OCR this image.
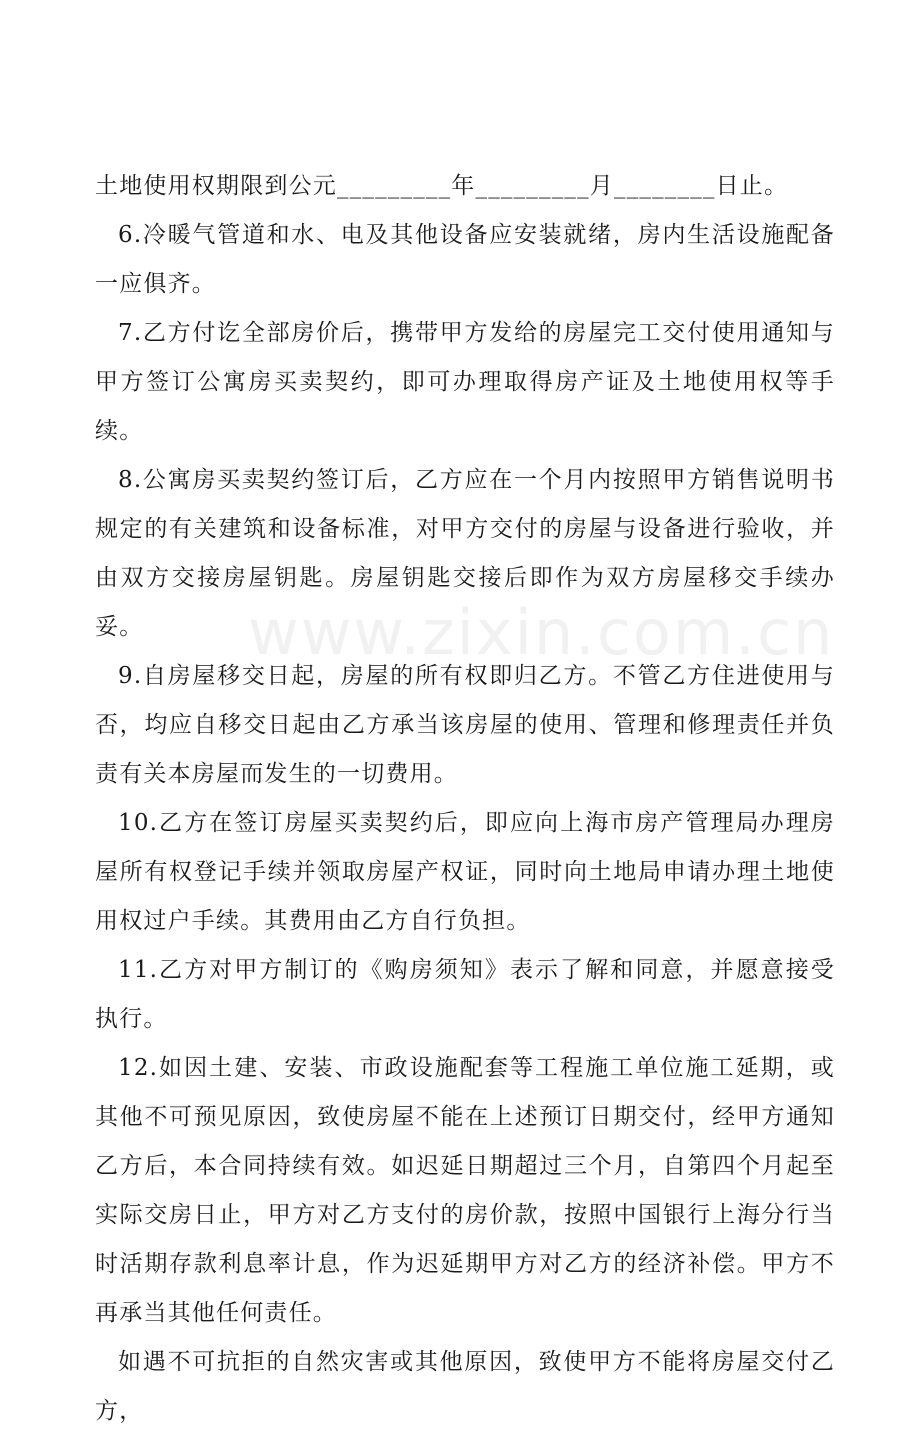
土地使用权期限到公元_________年_________月________日止。

6.冷暖气管道和水、电及其他设备应安装就绪，房内生活设施配备一应俱齐。

7.乙方付讫全部房价后，携带甲方发给的房屋完工交付使用通知与甲方签订公寓房买卖契约，即可办理取得房产证及土地使用权等手续。

8.公寓房买卖契约签订后，乙方应在一个月内按照甲方销售说明书规定的有关建筑和设备标准，对甲方交付的房屋与设备进行验收，并由双方交接房屋钥匙。房屋钥匙交接后即作为双方房屋移交手续办妥。

9.自房屋移交日起，房屋的所有权即归乙方。不管乙方住进使用与否，均应自移交日起由乙方承当该房屋的使用、管理和修理责任并负责有关本房屋而发生的一切费用。

10.乙方在签订房屋买卖契约后，即应向上海市房产管理局办理房屋所有权登记手续并领取房屋产权证，同时向土地局申请办理土地使用权过户手续。其费用由乙方自行负担。

11.乙方对甲方制订的《购房须知》表示了解和同意，并愿意接受执行。

12.如因土建、安装、市政设施配套等工程施工单位施工延期，或其他不可预见原因，致使房屋不能在上述预订日期交付，经甲方通知乙方后，本合同持续有效。如迟延日期超过三个月，自第四个月起至实际交房日止，甲方对乙方支付的房价款，按照中国银行上海分行当时活期存款利息率计息，作为迟延期甲方对乙方的经济补偿。甲方不再承当其他任何责任。

如遇不可抗拒的自然灾害或其他原因，致使甲方不能将房屋交付乙方，

www.zixin.com.cn
